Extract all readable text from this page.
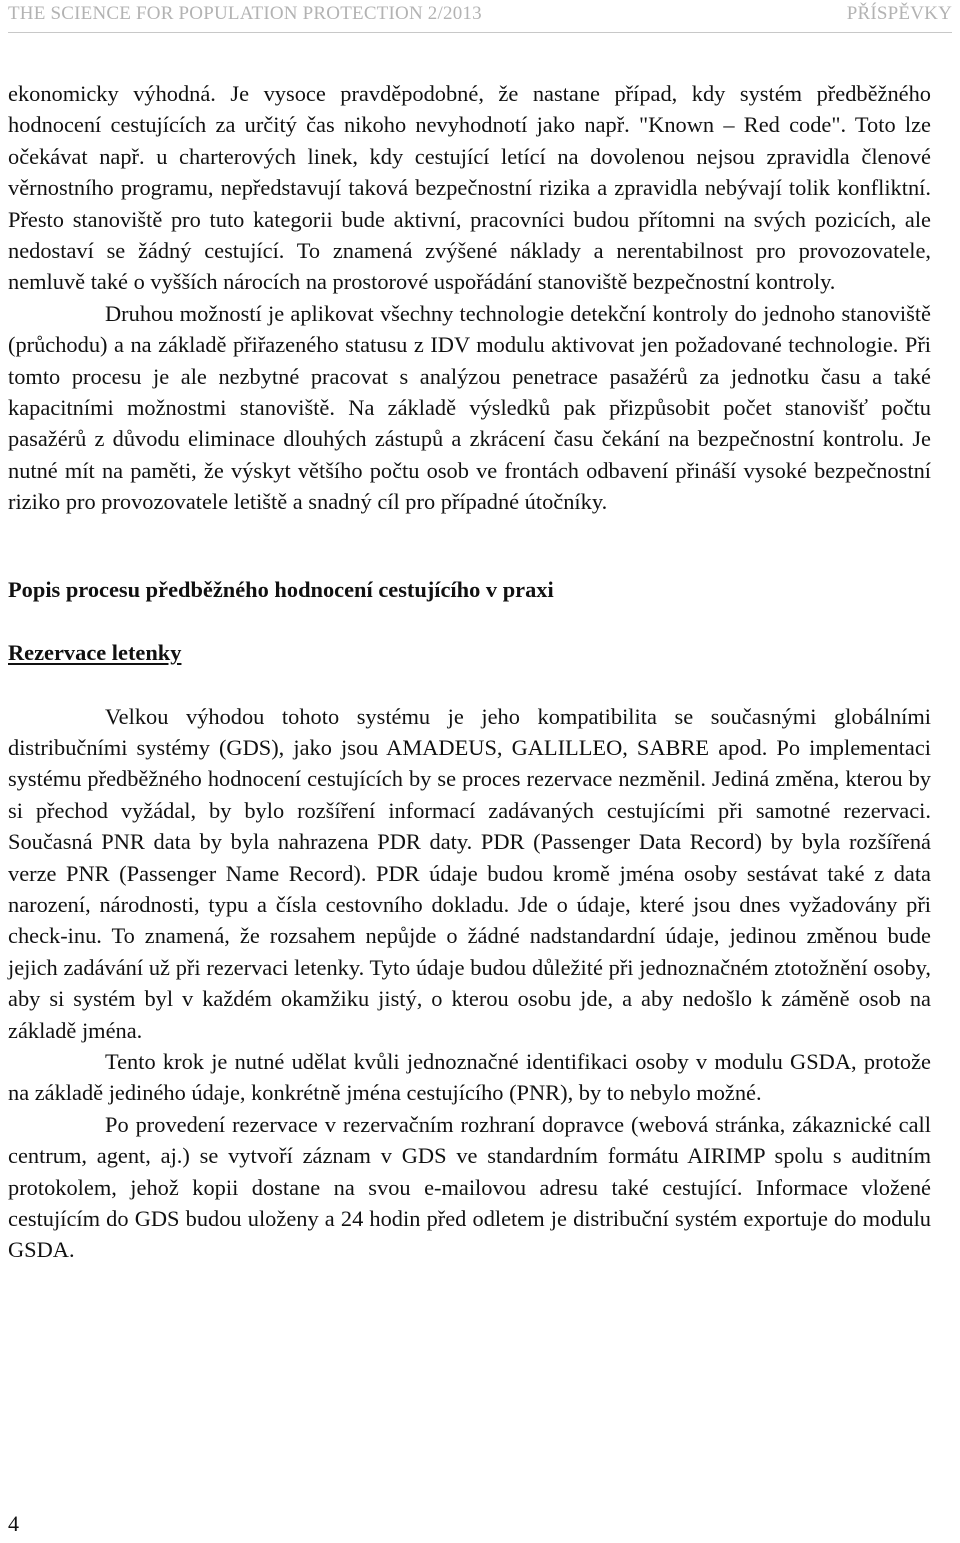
THE SCIENCE FOR POPULATION PROTECTION 2/2013	PŘÍSPĚVKY

ekonomicky výhodná. Je vysoce pravděpodobné, že nastane případ, kdy systém předběžného hodnocení cestujících za určitý čas nikoho nevyhodnotí jako např. "Known – Red code". Toto lze očekávat např. u charterových linek, kdy cestující letící na dovolenou nejsou zpravidla členové věrnostního programu, nepředstavují taková bezpečnostní rizika a zpravidla nebývají tolik konfliktní. Přesto stanoviště pro tuto kategorii bude aktivní, pracovníci budou přítomni na svých pozicích, ale nedostaví se žádný cestující. To znamená zvýšené náklady a nerentabilnost pro provozovatele, nemluvě také o vyšších nárocích na prostorové uspořádání stanoviště bezpečnostní kontroly.

Druhou možností je aplikovat všechny technologie detekční kontroly do jednoho stanoviště (průchodu) a na základě přiřazeného statusu z IDV modulu aktivovat jen požadované technologie. Při tomto procesu je ale nezbytné pracovat s analýzou penetrace pasažérů za jednotku času a také kapacitními možnostmi stanoviště. Na základě výsledků pak přizpůsobit počet stanovišť počtu pasažérů z důvodu eliminace dlouhých zástupů a zkrácení času čekání na bezpečnostní kontrolu. Je nutné mít na paměti, že výskyt většího počtu osob ve frontách odbavení přináší vysoké bezpečnostní riziko pro provozovatele letiště a snadný cíl pro případné útočníky.

Popis procesu předběžného hodnocení cestujícího v praxi
Rezervace letenky

Velkou výhodou tohoto systému je jeho kompatibilita se současnými globálními distribučními systémy (GDS), jako jsou AMADEUS, GALILLEO, SABRE apod. Po implementaci systému předběžného hodnocení cestujících by se proces rezervace nezměnil. Jediná změna, kterou by si přechod vyžádal, by bylo rozšíření informací zadávaných cestujícími při samotné rezervaci. Současná PNR data by byla nahrazena PDR daty. PDR (Passenger Data Record) by byla rozšířená verze PNR (Passenger Name Record). PDR údaje budou kromě jména osoby sestávat také z data narození, národnosti, typu a čísla cestovního dokladu. Jde o údaje, které jsou dnes vyžadovány při check-inu. To znamená, že rozsahem nepůjde o žádné nadstandardní údaje, jedinou změnou bude jejich zadávání už při rezervaci letenky. Tyto údaje budou důležité při jednoznačném ztotožnění osoby, aby si systém byl v každém okamžiku jistý, o kterou osobu jde, a aby nedošlo k záměně osob na základě jména.

Tento krok je nutné udělat kvůli jednoznačné identifikaci osoby v modulu GSDA, protože na základě jediného údaje, konkrétně jména cestujícího (PNR), by to nebylo možné.

Po provedení rezervace v rezervačním rozhraní dopravce (webová stránka, zákaznické call centrum, agent, aj.) se vytvoří záznam v GDS ve standardním formátu AIRIMP spolu s auditním protokolem, jehož kopii dostane na svou e-mailovou adresu také cestující. Informace vložené cestujícím do GDS budou uloženy a 24 hodin před odletem je distribuční systém exportuje do modulu GSDA.

4
